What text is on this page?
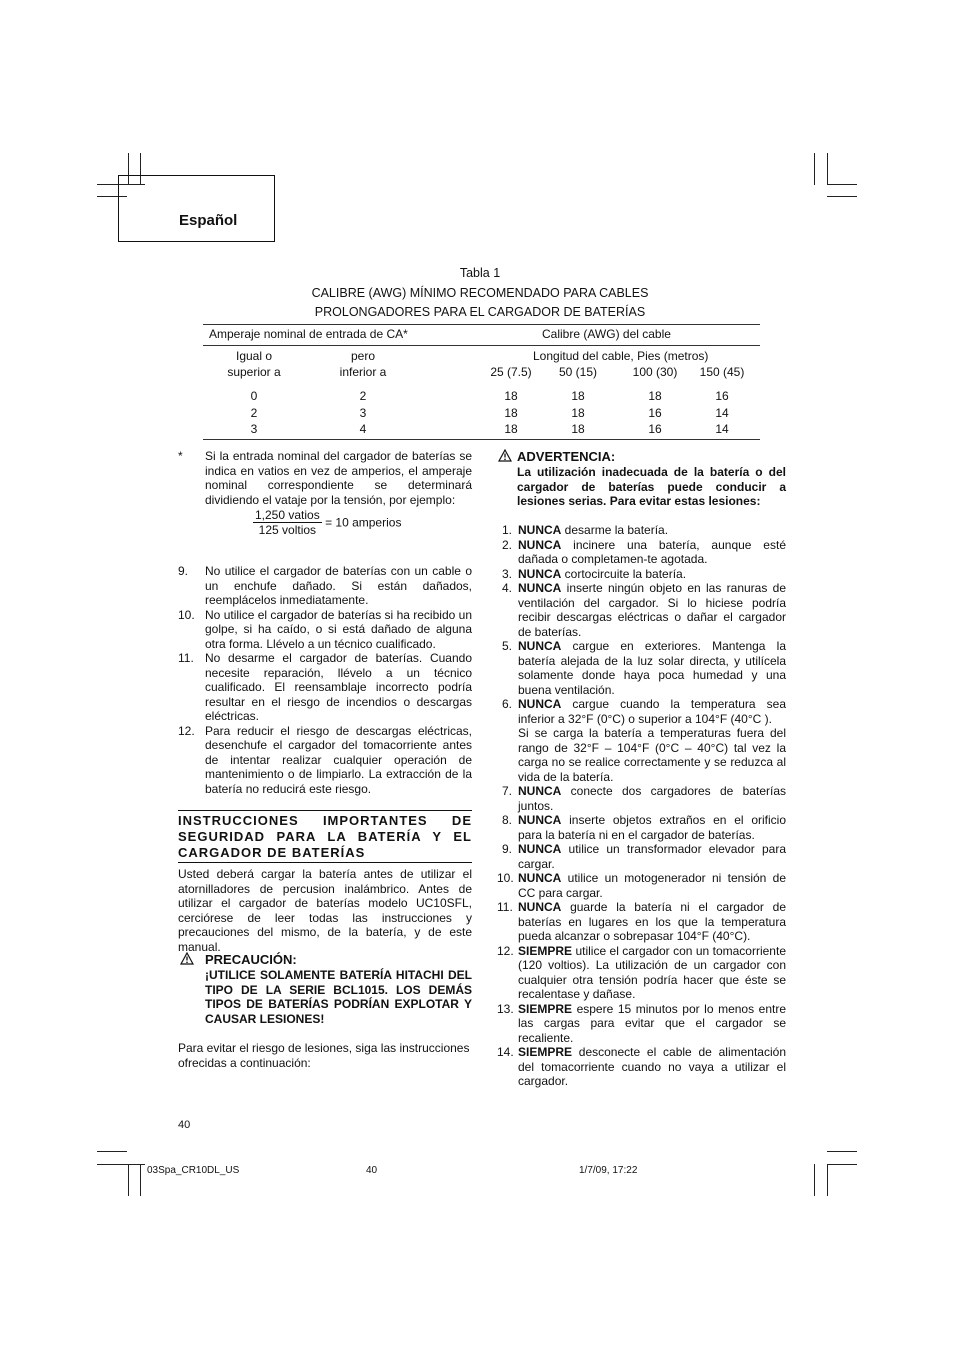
Español
Tabla 1
CALIBRE (AWG) MÍNIMO RECOMENDADO PARA CABLES
PROLONGADORES PARA EL CARGADOR DE BATERÍAS
Amperaje nominal de entrada de CA*	Calibre (AWG) del cable
Igual o
superior a
pero
inferior a
Longitud del cable, Pies (metros)
25 (7.5)	50 (15)	100 (30)	150 (45)
0	2	18	18	18	16
2	3	18	18	16	14
3	4	18	18	16	14
* Si la entrada nominal del cargador de baterías se indica en vatios en vez de amperios, el amperaje nominal correspondiente se determinará dividiendo el vataje por la tensión, por ejemplo:
1,250 vatios
125 voltios
= 10 amperios
9. No utilice el cargador de baterías con un cable o un enchufe dañado. Si están dañados, reemplácelos inmediatamente.
10. No utilice el cargador de baterías si ha recibido un golpe, si ha caído, o si está dañado de alguna otra forma. Llévelo a un técnico cualificado.
11. No desarme el cargador de baterías. Cuando necesite reparación, llévelo a un técnico cualificado. El reensamblaje incorrecto podría resultar en el riesgo de incendios o descargas eléctricas.
12. Para reducir el riesgo de descargas eléctricas, desenchufe el cargador del tomacorriente antes de intentar realizar cualquier operación de mantenimiento o de limpiarlo. La extracción de la batería no reducirá este riesgo.
INSTRUCCIONES IMPORTANTES DE SEGURIDAD PARA LA BATERÍA Y EL CARGADOR DE BATERÍAS
Usted deberá cargar la batería antes de utilizar el atornilladores de percusion inalámbrico. Antes de utilizar el cargador de baterías modelo UC10SFL, cerciórese de leer todas las instrucciones y precauciones del mismo, de la batería, y de este manual.
PRECAUCIÓN:
¡UTILICE SOLAMENTE BATERÍA HITACHI DEL TIPO DE LA SERIE BCL1015. LOS DEMÁS TIPOS DE BATERÍAS PODRÍAN EXPLOTAR Y CAUSAR LESIONES!
Para evitar el riesgo de lesiones, siga las instrucciones ofrecidas a continuación:
ADVERTENCIA:
La utilización inadecuada de la batería o del cargador de baterías puede conducir a lesiones serias. Para evitar estas lesiones:
1. NUNCA desarme la batería.
2. NUNCA incinere una batería, aunque esté dañada o completamen-te agotada.
3. NUNCA cortocircuite la batería.
4. NUNCA inserte ningún objeto en las ranuras de ventilación del cargador. Si lo hiciese podría recibir descargas eléctricas o dañar el cargador de baterías.
5. NUNCA cargue en exteriores. Mantenga la batería alejada de la luz solar directa, y utilícela solamente donde haya poca humedad y una buena ventilación.
6. NUNCA cargue cuando la temperatura sea inferior a 32°F (0°C) o superior a 104°F (40°C ).
Si se carga la batería a temperaturas fuera del rango de 32°F – 104°F (0°C – 40°C) tal vez la carga no se realice correctamente y se reduzca al vida de la batería.
7. NUNCA conecte dos cargadores de baterías juntos.
8. NUNCA inserte objetos extraños en el orificio para la batería ni en el cargador de baterías.
9. NUNCA utilice un transformador elevador para cargar.
10. NUNCA utilice un motogenerador ni tensión de CC para cargar.
11. NUNCA guarde la batería ni el cargador de baterías en lugares en los que la temperatura pueda alcanzar o sobrepasar 104°F (40°C).
12. SIEMPRE utilice el cargador con un tomacorriente (120 voltios). La utilización de un cargador con cualquier otra tensión podría hacer que éste se recalentase y dañase.
13. SIEMPRE espere 15 minutos por lo menos entre las cargas para evitar que el cargador se recaliente.
14. SIEMPRE desconecte el cable de alimentación del tomacorriente cuando no vaya a utilizar el cargador.
40
03Spa_CR10DL_US	40	1/7/09, 17:22
